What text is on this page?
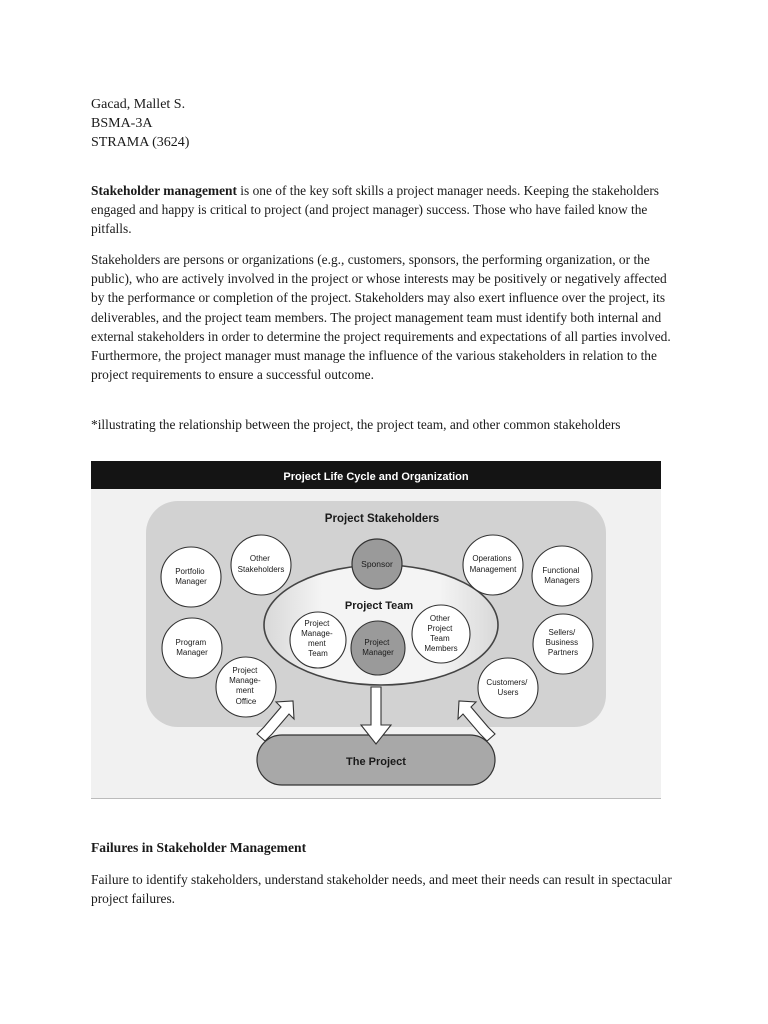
Gacad, Mallet S.

BSMA-3A

STRAMA (3624)

Stakeholder management is one of the key soft skills a project manager needs. Keeping the stakeholders engaged and happy is critical to project (and project manager) success. Those who have failed know the pitfalls.

Stakeholders are persons or organizations (e.g., customers, sponsors, the performing organization, or the public), who are actively involved in the project or whose interests may be positively or negatively affected by the performance or completion of the project. Stakeholders may also exert influence over the project, its deliverables, and the project team members. The project management team must identify both internal and external stakeholders in order to determine the project requirements and expectations of all parties involved. Furthermore, the project manager must manage the influence of the various stakeholders in relation to the project requirements to ensure a successful outcome.

*illustrating the relationship between the project, the project team, and other common stakeholders

Project Life Cycle and Organization
Project Stakeholders
Project Team
Sponsor
Project Manage- ment Team
Project Manager
Other Project Team Members
Portfolio Manager
Other Stakeholders
Program Manager
Project Manage- ment Office
Operations Management	Functional Managers
Sellers/ Business Partners
Customers/ Users
The Project

Failures in Stakeholder Management

Failure to identify stakeholders, understand stakeholder needs, and meet their needs can result in spectacular project failures.
